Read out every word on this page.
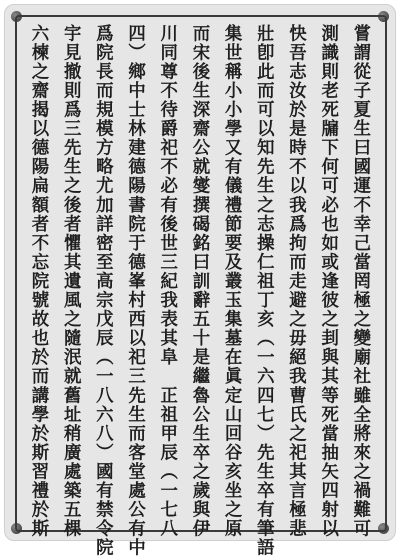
嘗謂從子夏生曰國運不幸己當罔極之變廟社雖全將來之禍難可
測識則老死牖下何可必也如或逢彼之刲與其等死當抽矢四射以
快吾志汝於是時不以我爲拘而走避之毋絕我曹氏之祀其言極悲
壯卽此而可以知先生之志操仁祖丁亥（一六四七）先生卒有筆語
集世稱小小學又有儀禮節要及叢玉集墓在眞定山回谷亥坐之原
而宋後生深齋公就燮撰碣銘曰訓辭五十是繼魯公生卒之歲與伊
川同尊不待爵祀不必有後世三紀我表其阜　正祖甲辰（一七八
四）鄉中士林建德陽書院于德峯村西以祀三先生而客堂處公有中
爲院長而規模方略尤加詳密至高宗戊辰（一八六八）國有禁令院
宇見撤則爲三先生之後者懼其遺風之隨泯就舊址稍廣處築五棵
六楝之齋揭以德陽扁額者不忘院號故也於而講學於斯習禮於斯
